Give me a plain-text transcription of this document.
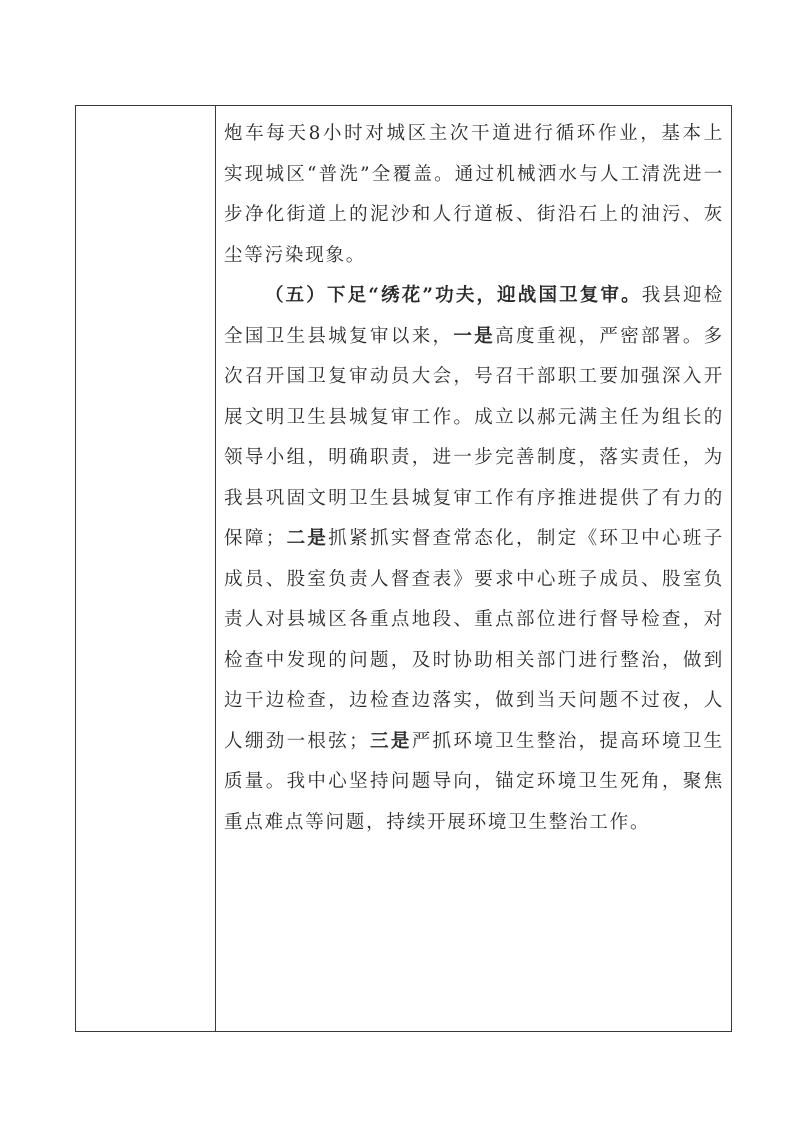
炮车每天8小时对城区主次干道进行循环作业，基本上实现城区“普洗”全覆盖。通过机械洒水与人工清洗进一步净化街道上的泥沙和人行道板、街沿石上的油污、灰尘等污染现象。

（五）下足“绣花”功夫，迎战国卫复审。我县迎检全国卫生县城复审以来，一是高度重视，严密部署。多次召开国卫复审动员大会，号召干部职工要加强深入开展文明卫生县城复审工作。成立以郝元满主任为组长的领导小组，明确职责，进一步完善制度，落实责任，为我县巩固文明卫生县城复审工作有序推进提供了有力的保障；二是抓紧抓实督查常态化，制定《环卫中心班子成员、股室负责人督查表》要求中心班子成员、股室负责人对县城区各重点地段、重点部位进行督导检查，对检查中发现的问题，及时协助相关部门进行整治，做到边干边检查，边检查边落实，做到当天问题不过夜，人人绷劲一根弦；三是严抓环境卫生整治，提高环境卫生质量。我中心坚持问题导向，锚定环境卫生死角，聚焦重点难点等问题，持续开展环境卫生整治工作。
